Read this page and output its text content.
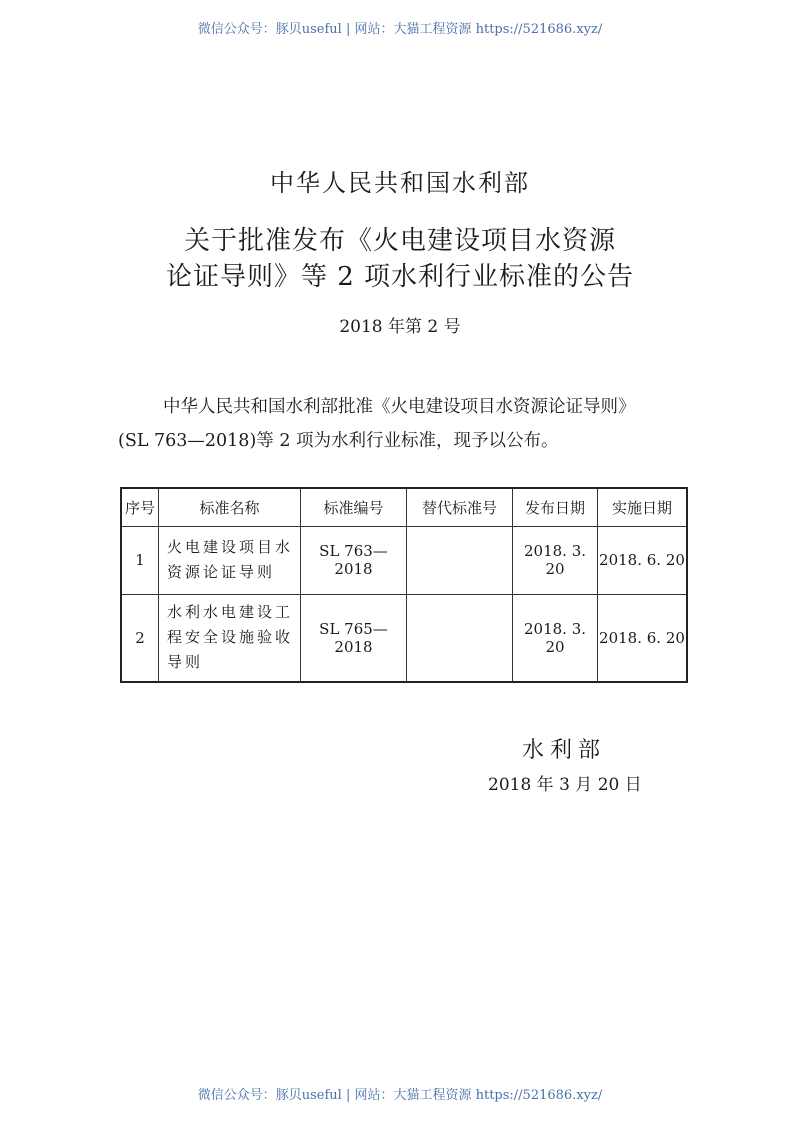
微信公众号：豚贝useful | 网站：大猫工程资源 https://521686.xyz/
中华人民共和国水利部
关于批准发布《火电建设项目水资源
论证导则》等 2 项水利行业标准的公告
2018 年第 2 号
中华人民共和国水利部批准《火电建设项目水资源论证导则》
(SL 763—2018)等 2 项为水利行业标准，现予以公布。
序号	标准名称	标准编号	替代标准号	发布日期	实施日期
1	火电建设项目水资源论证导则	SL 763—2018		2018. 3. 20	2018. 6. 20
2	水利水电建设工程安全设施验收导则	SL 765—2018		2018. 3. 20	2018. 6. 20
水利部
2018 年 3 月 20 日
微信公众号：豚贝useful | 网站：大猫工程资源 https://521686.xyz/
